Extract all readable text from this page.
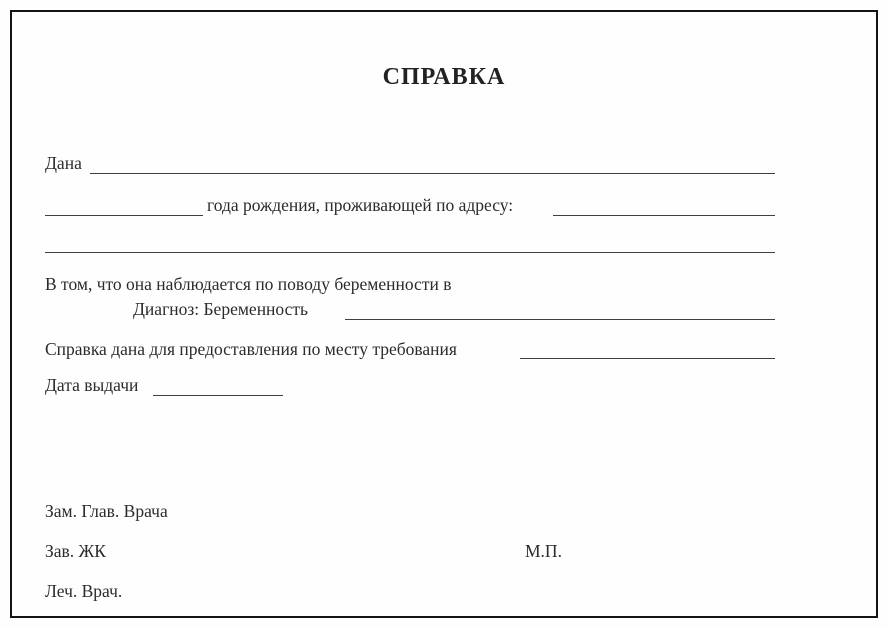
СПРАВКА
Дана
года рождения, проживающей по адресу:
В том, что она наблюдается по поводу беременности в
Диагноз: Беременность
Справка дана для предоставления по месту требования
Дата выдачи
Зам. Глав. Врача
Зав. ЖК	М.П.
Леч. Врач.
